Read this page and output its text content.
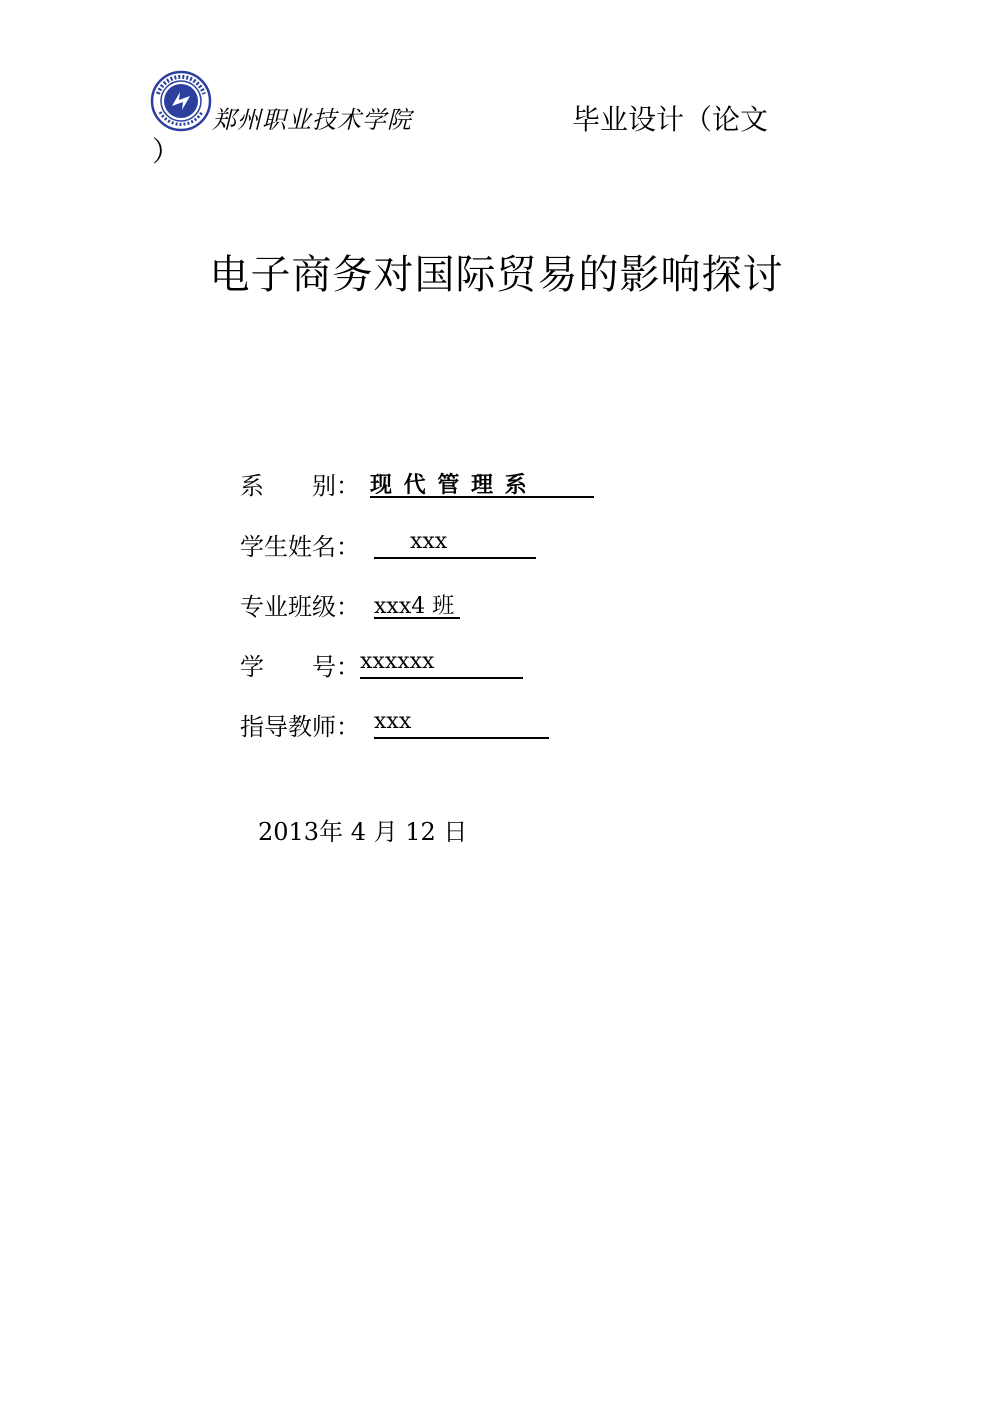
郑州职业技术学院	毕业设计（论文
）
电子商务对国际贸易的影响探讨
系　　别： 现 代 管 理 系
学生姓名：	xxx
专业班级： xxx4 班
学　　号： xxxxxx
指导教师： xxx
2013年 4 月 12 日
